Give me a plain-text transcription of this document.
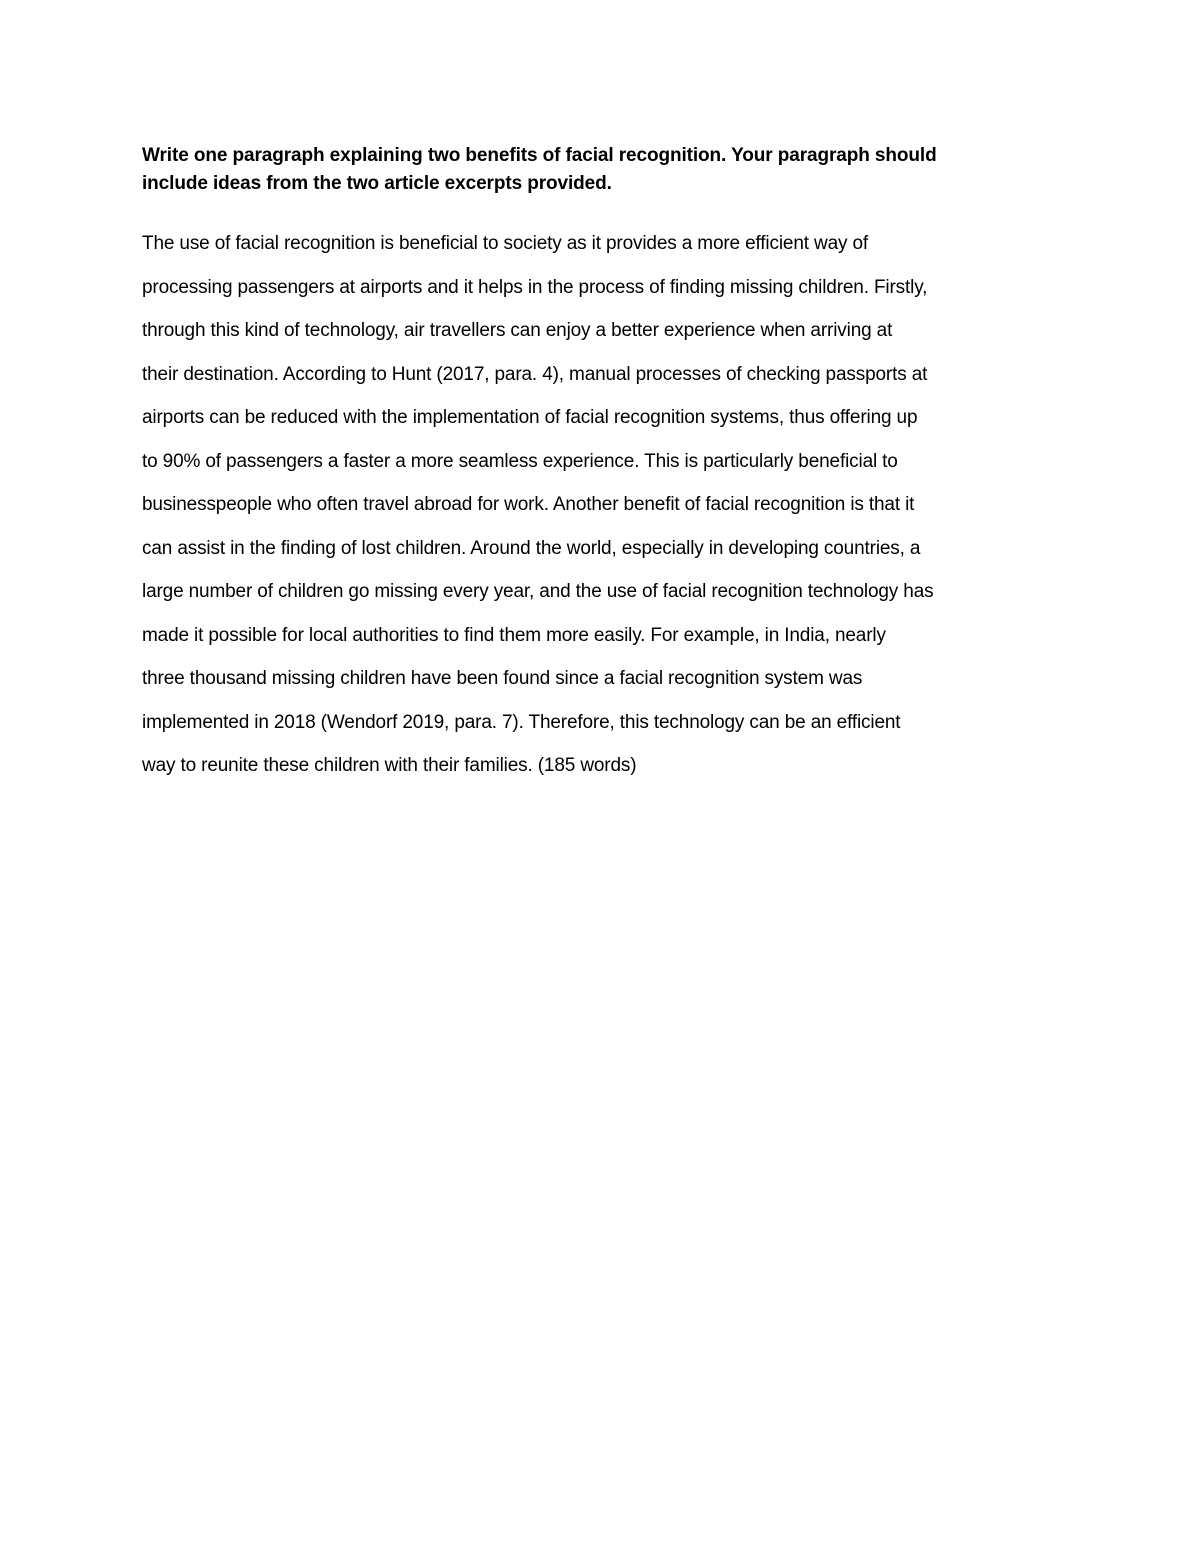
Write one paragraph explaining two benefits of facial recognition. Your paragraph should
include ideas from the two article excerpts provided.

The use of facial recognition is beneficial to society as it provides a more efficient way of
processing passengers at airports and it helps in the process of finding missing children. Firstly,
through this kind of technology, air travellers can enjoy a better experience when arriving at
their destination. According to Hunt (2017, para. 4), manual processes of checking passports at
airports can be reduced with the implementation of facial recognition systems, thus offering up
to 90% of passengers a faster a more seamless experience. This is particularly beneficial to
businesspeople who often travel abroad for work. Another benefit of facial recognition is that it
can assist in the finding of lost children. Around the world, especially in developing countries, a
large number of children go missing every year, and the use of facial recognition technology has
made it possible for local authorities to find them more easily. For example, in India, nearly
three thousand missing children have been found since a facial recognition system was
implemented in 2018 (Wendorf 2019, para. 7). Therefore, this technology can be an efficient
way to reunite these children with their families. (185 words)
